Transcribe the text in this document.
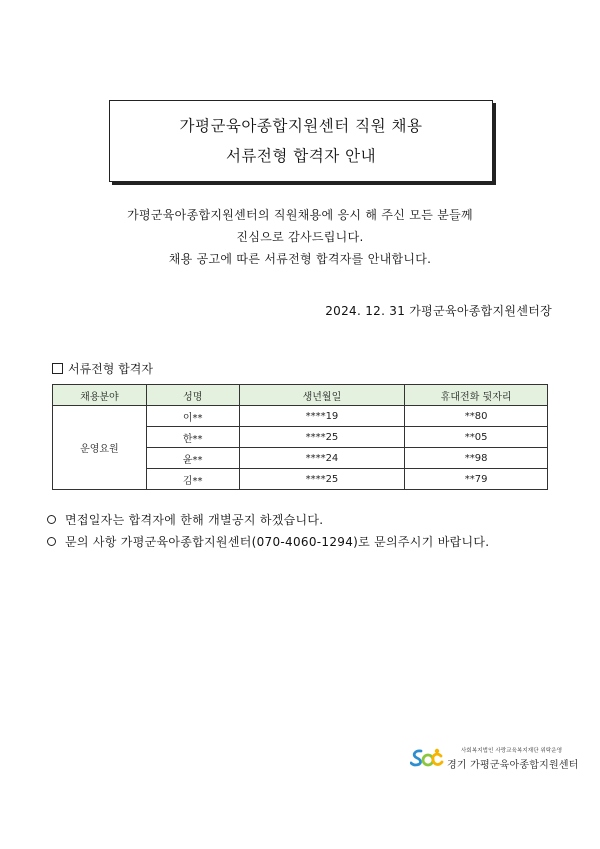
가평군육아종합지원센터 직원 채용
서류전형 합격자 안내
가평군육아종합지원센터의 직원채용에 응시 해 주신 모든 분들께
진심으로 감사드립니다.
채용 공고에 따른 서류전형 합격자를 안내합니다.
2024. 12. 31 가평군육아종합지원센터장
서류전형 합격자
채용분야	성명	생년월일	휴대전화 뒷자리
운영요원	이**	****19	**80
	한**	****25	**05
	윤**	****24	**98
	김**	****25	**79
면접일자는 합격자에 한해 개별공지 하겠습니다.
문의 사항 가평군육아종합지원센터(070-4060-1294)로 문의주시기 바랍니다.
사회복지법인 사랑교육복지재단 위탁운영
경기 가평군육아종합지원센터
